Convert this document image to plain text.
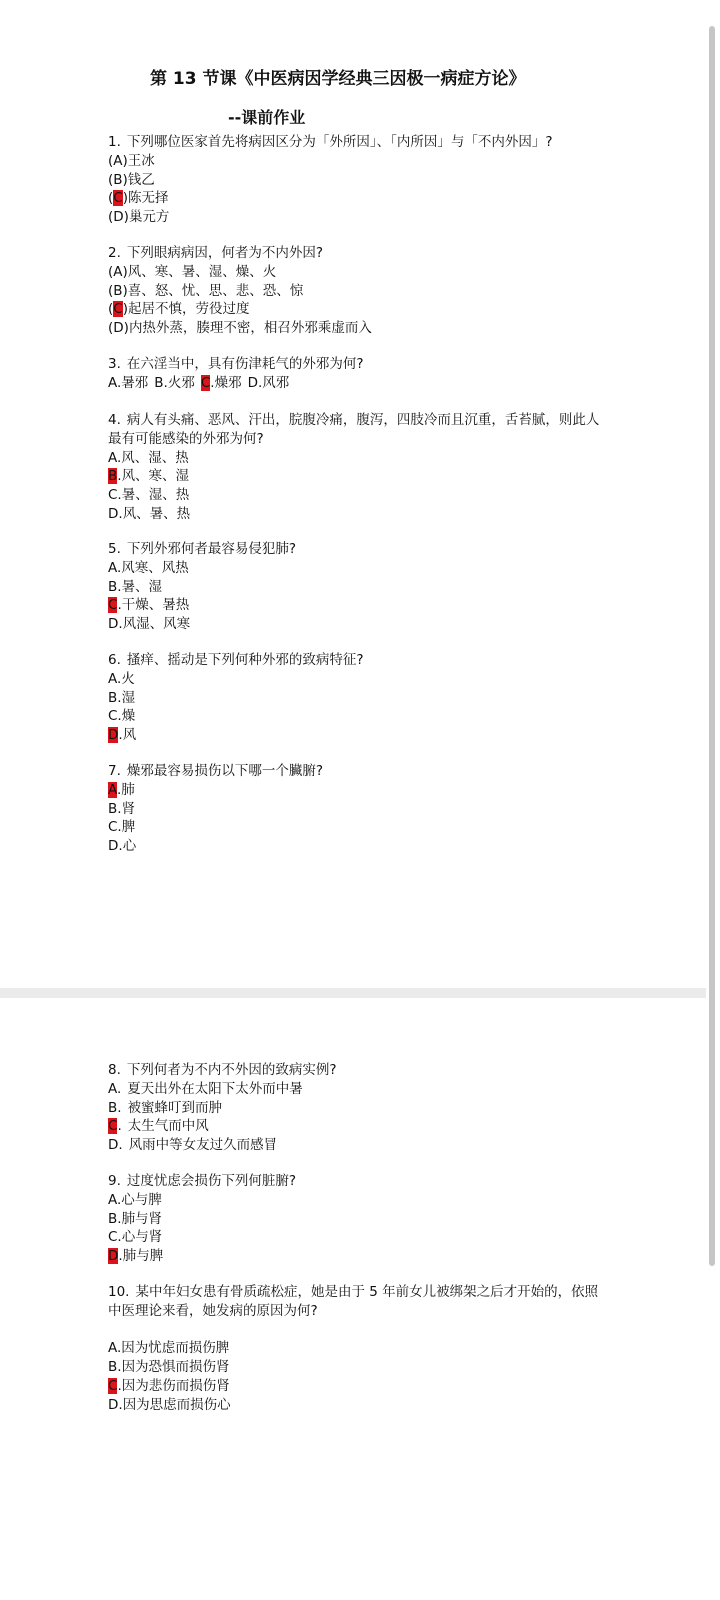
第 13 节课《中医病因学经典三因极一病症方论》
--课前作业
1. 下列哪位医家首先将病因区分为「外所因」、「内所因」与「不内外因」?
(A)王冰
(B)钱乙
(C)陈无择
(D)巢元方
2. 下列眼病病因，何者为不内外因?
(A)风、寒、暑、湿、燥、火
(B)喜、怒、忧、思、悲、恐、惊
(C)起居不慎，劳役过度
(D)内热外蒸，腠理不密，相召外邪乘虚而入
3. 在六淫当中，具有伤津耗气的外邪为何?
A.暑邪 B.火邪 C.燥邪 D.风邪
4. 病人有头痛、恶风、汗出，脘腹冷痛，腹泻，四肢冷而且沉重，舌苔腻，则此人最有可能感染的外邪为何?
A.风、湿、热
B.风、寒、湿
C.暑、湿、热
D.风、暑、热
5. 下列外邪何者最容易侵犯肺?
A.风寒、风热
B.暑、湿
C.干燥、暑热
D.风湿、风寒
6. 搔痒、摇动是下列何种外邪的致病特征?
A.火
B.湿
C.燥
D.风
7. 燥邪最容易损伤以下哪一个臟腑?
A.肺
B.肾
C.脾
D.心
8. 下列何者为不内不外因的致病实例?
A. 夏天出外在太阳下太外而中暑
B. 被蜜蜂叮到而肿
C. 太生气而中风
D. 风雨中等女友过久而感冒
9. 过度忧虑会损伤下列何脏腑?
A.心与脾
B.肺与肾
C.心与肾
D.肺与脾
10. 某中年妇女患有骨质疏松症，她是由于 5 年前女儿被绑架之后才开始的，依照中医理论来看，她发病的原因为何?
A.因为忧虑而损伤脾
B.因为恐惧而损伤肾
C.因为悲伤而损伤肾
D.因为思虑而损伤心
